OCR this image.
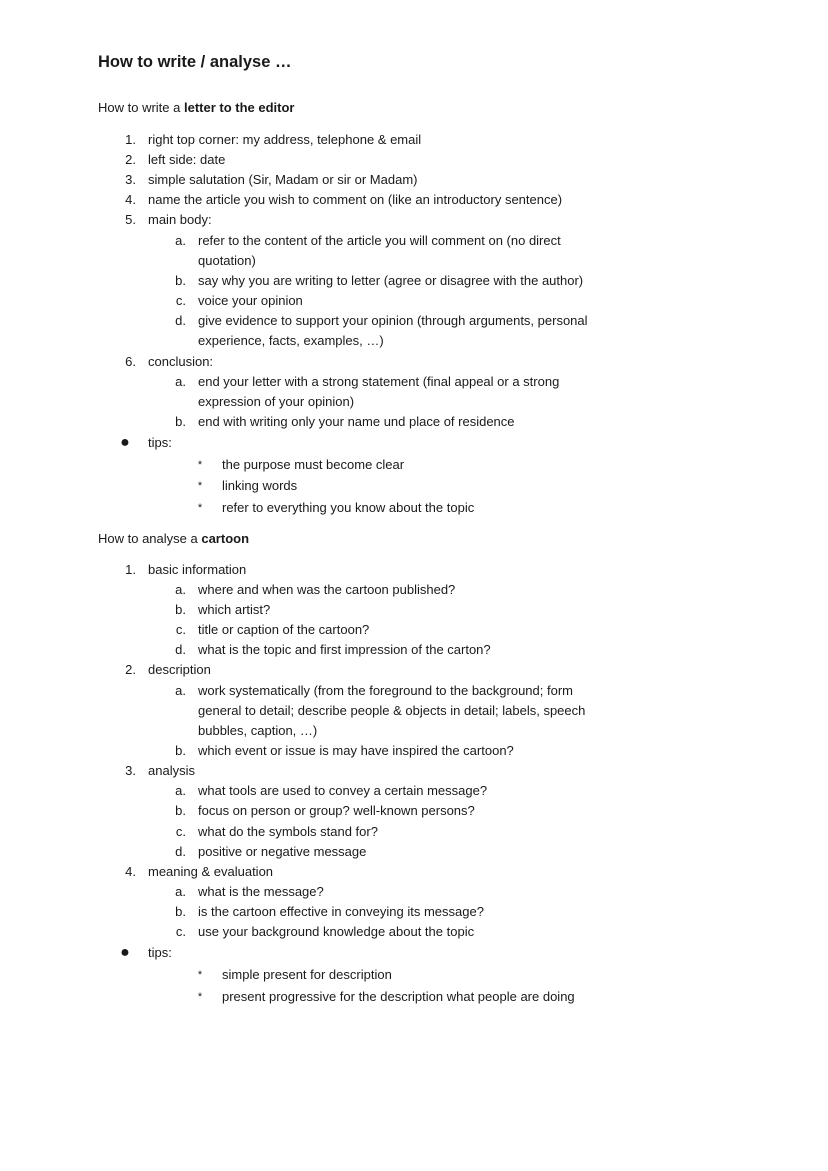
How to write / analyse …
How to write a letter to the editor
1. right top corner: my address, telephone & email
2. left side: date
3. simple salutation (Sir, Madam or sir or Madam)
4. name the article you wish to comment on (like an introductory sentence)
5. main body:
a. refer to the content of the article you will comment on (no direct
quotation)
b. say why you are writing to letter (agree or disagree with the author)
c. voice your opinion
d. give evidence to support your opinion (through arguments, personal
experience, facts, examples, …)
6. conclusion:
a. end your letter with a strong statement (final appeal or a strong
expression of your opinion)
b. end with writing only your name und place of residence
●	tips:
* the purpose must become clear
* linking words
* refer to everything you know about the topic
How to analyse a cartoon
1. basic information
a. where and when was the cartoon published?
b. which artist?
c. title or caption of the cartoon?
d. what is the topic and first impression of the carton?
2. description
a. work systematically (from the foreground to the background; form
general to detail; describe people & objects in detail; labels, speech
bubbles, caption, …)
b. which event or issue is may have inspired the cartoon?
3. analysis
a. what tools are used to convey a certain message?
b. focus on person or group? well-known persons?
c. what do the symbols stand for?
d. positive or negative message
4. meaning & evaluation
a. what is the message?
b. is the cartoon effective in conveying its message?
c. use your background knowledge about the topic
●	tips:
* simple present for description
* present progressive for the description what people are doing
